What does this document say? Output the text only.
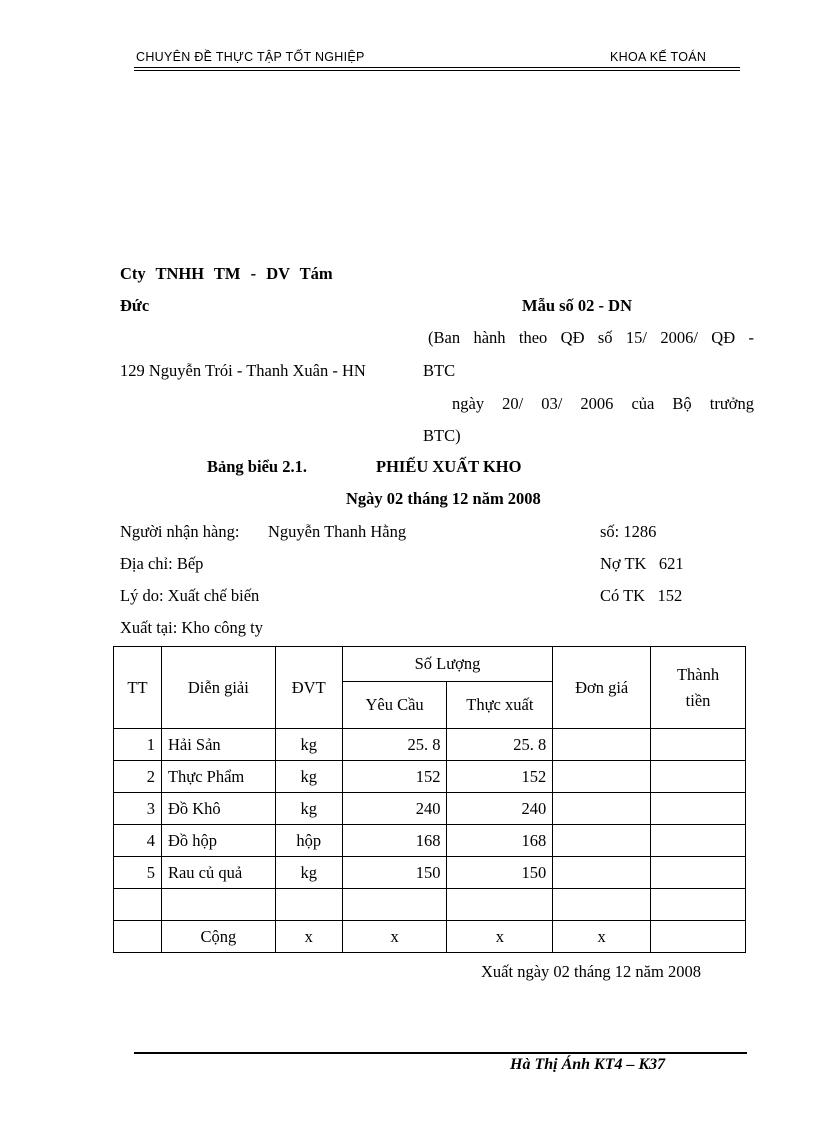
CHUYÊN ĐỀ THỰC TẬP TỐT NGHIỆP	KHOA KẾ TOÁN
Cty TNHH TM - DV Tám
Đức	Mẫu số 02 - DN
(Ban hành theo QĐ số 15/ 2006/ QĐ -
129 Nguyễn Trói - Thanh Xuân - HN	BTC
ngày 20/ 03/ 2006 của Bộ trưởng
BTC)
Bảng biểu 2.1.	PHIẾU XUẤT KHO
Ngày 02 tháng 12 năm 2008
Người nhận hàng: Nguyễn Thanh Hằng	số: 1286
Địa chỉ: Bếp	Nợ TK   621
Lý do: Xuất chế biến	Có TK   152
Xuất tại: Kho công ty
TT	Diễn giải	ĐVT	Số Lượng		Đơn giá	Thành
tiền

			Yêu Cầu	Thực xuất		
1	Hải Sản	kg	25. 8	25. 8		
2	Thực Phẩm	kg	152	152		
3	Đồ Khô	kg	240	240		
4	Đồ hộp	hộp	168	168		
5	Rau củ quả	kg	150	150		

	Cộng	x	x	x	x	
Xuất ngày 02 tháng 12 năm 2008
Hà Thị Ánh KT4 – K37
